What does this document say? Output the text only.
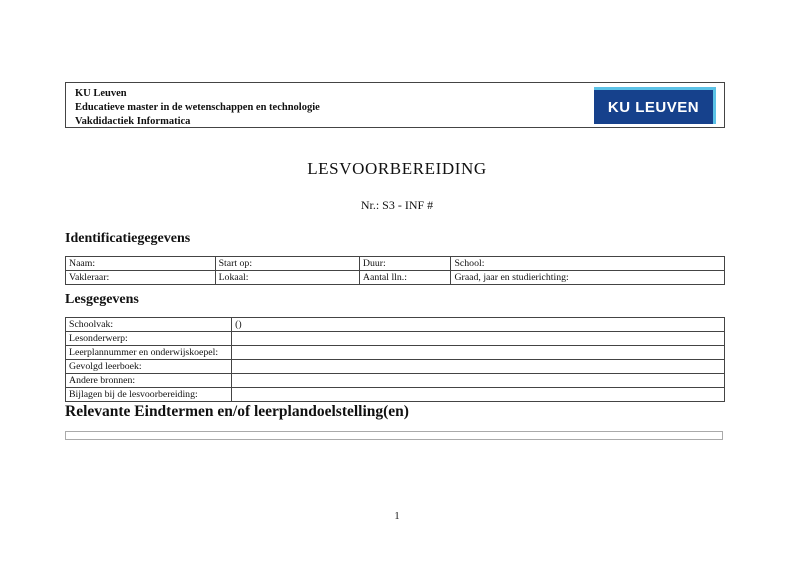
KU Leuven
Educatieve master in de wetenschappen en technologie
Vakdidactiek Informatica
KU LEUVEN
LESVOORBEREIDING
Nr.: S3 - INF #
Identificatiegegevens
Naam:	Start op:	Duur:	School:
Vakleraar:	Lokaal:	Aantal lln.:	Graad, jaar en studierichting:
Lesgegevens
Schoolvak:	()
Lesonderwerp:	
Leerplannummer en onderwijskoepel:	
Gevolgd leerboek:	
Andere bronnen:	
Bijlagen bij de lesvoorbereiding:	
Relevante Eindtermen en/of leerplandoelstelling(en)
1
